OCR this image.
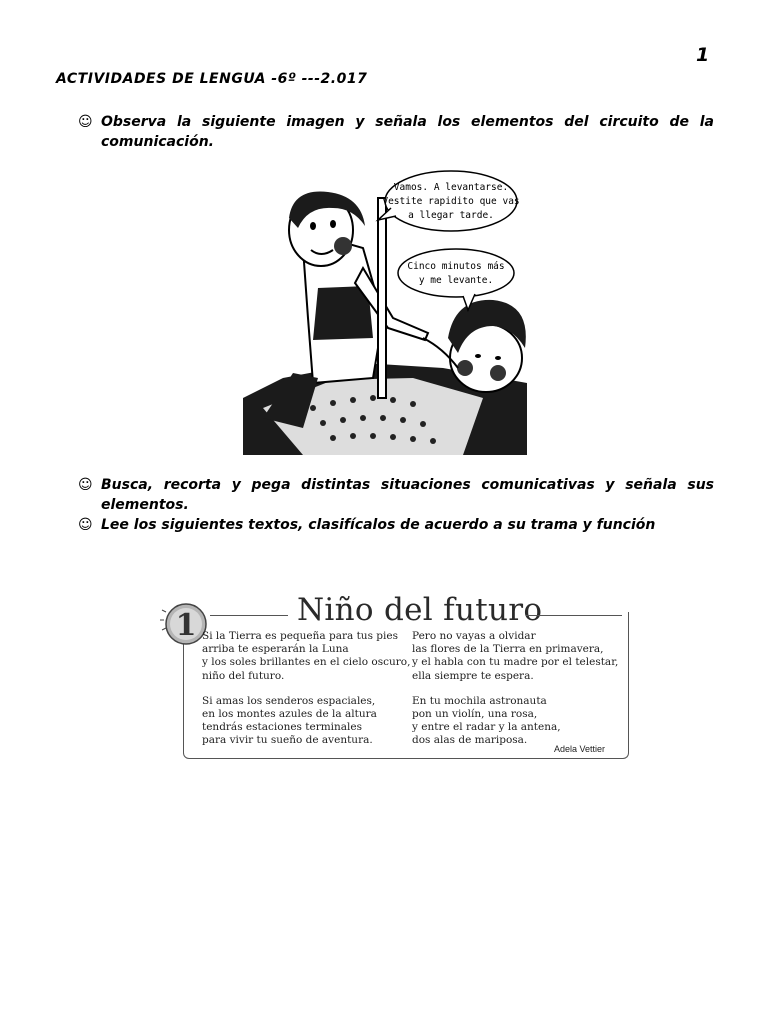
1
ACTIVIDADES DE LENGUA -6º ---2.017
☺ Observa la siguiente imagen y señala los elementos del circuito de la
comunicación.
Vamos. A levantarse.
Vestite rapidito que vas
a llegar tarde.
Cinco minutos más
y me levante.
☺ Busca, recorta y pega distintas situaciones comunicativas y señala sus
elementos.
☺ Lee los siguientes textos, clasifícalos de acuerdo a su trama y función
1	Niño del futuro
Si la Tierra es pequeña para tus pies
arriba te esperarán la Luna
y los soles brillantes en el cielo oscuro,
niño del futuro.
Si amas los senderos espaciales,
en los montes azules de la altura
tendrás estaciones terminales
para vivir tu sueño de aventura.
Pero no vayas a olvidar
las flores de la Tierra en primavera,
y el habla con tu madre por el telestar,
ella siempre te espera.
En tu mochila astronauta
pon un violín, una rosa,
y entre el radar y la antena,
dos alas de mariposa.
Adela Vettier
